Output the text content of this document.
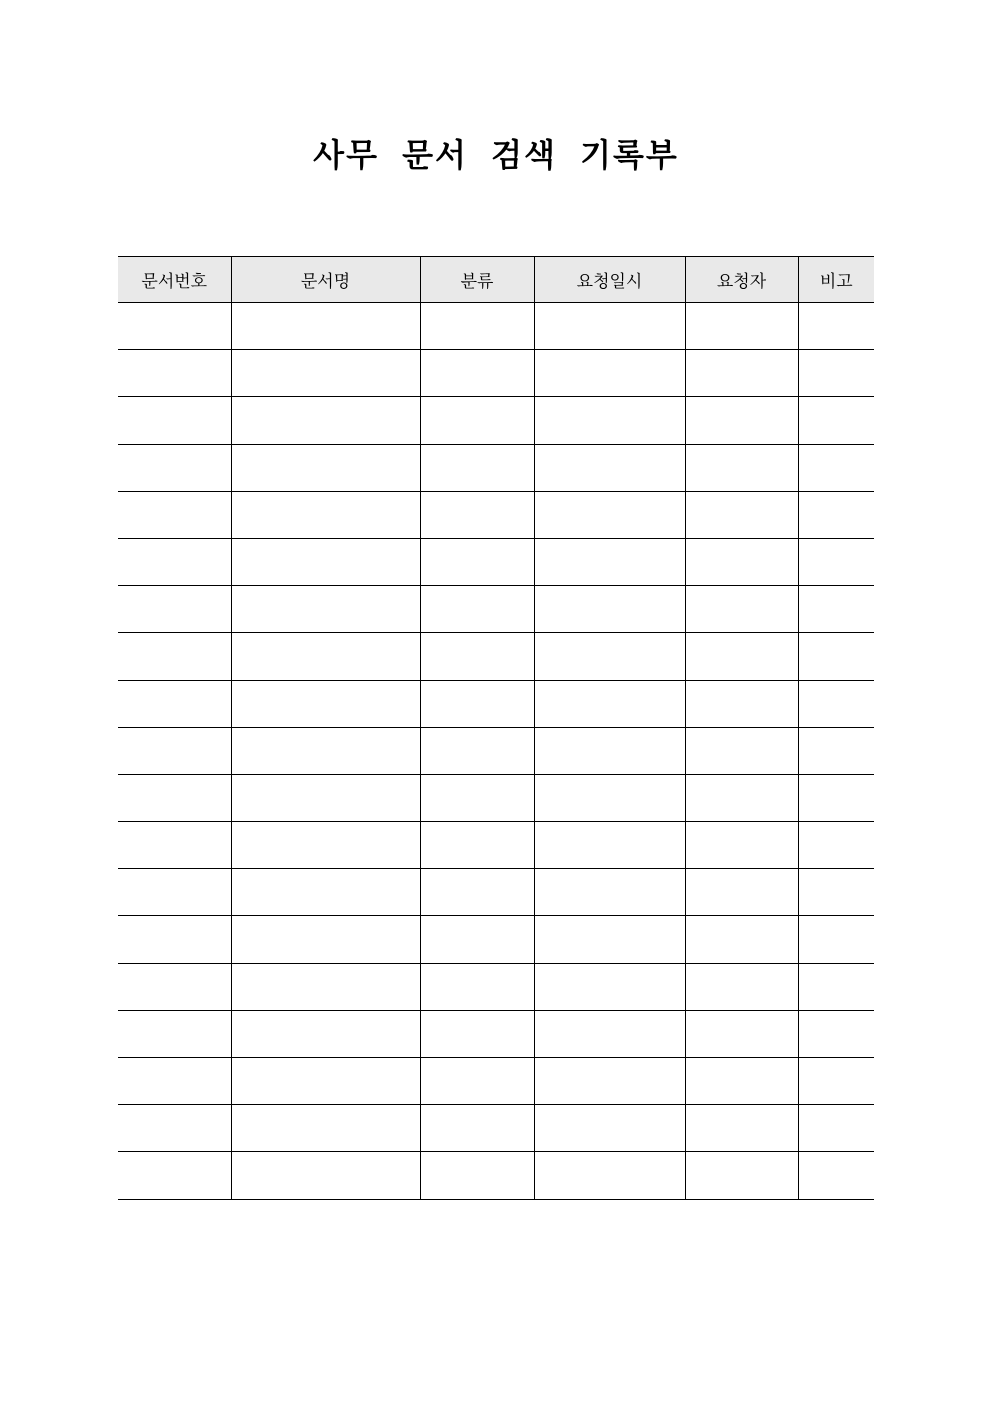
사무 문서 검색 기록부
문서번호	문서명	분류	요청일시	요청자	비고
